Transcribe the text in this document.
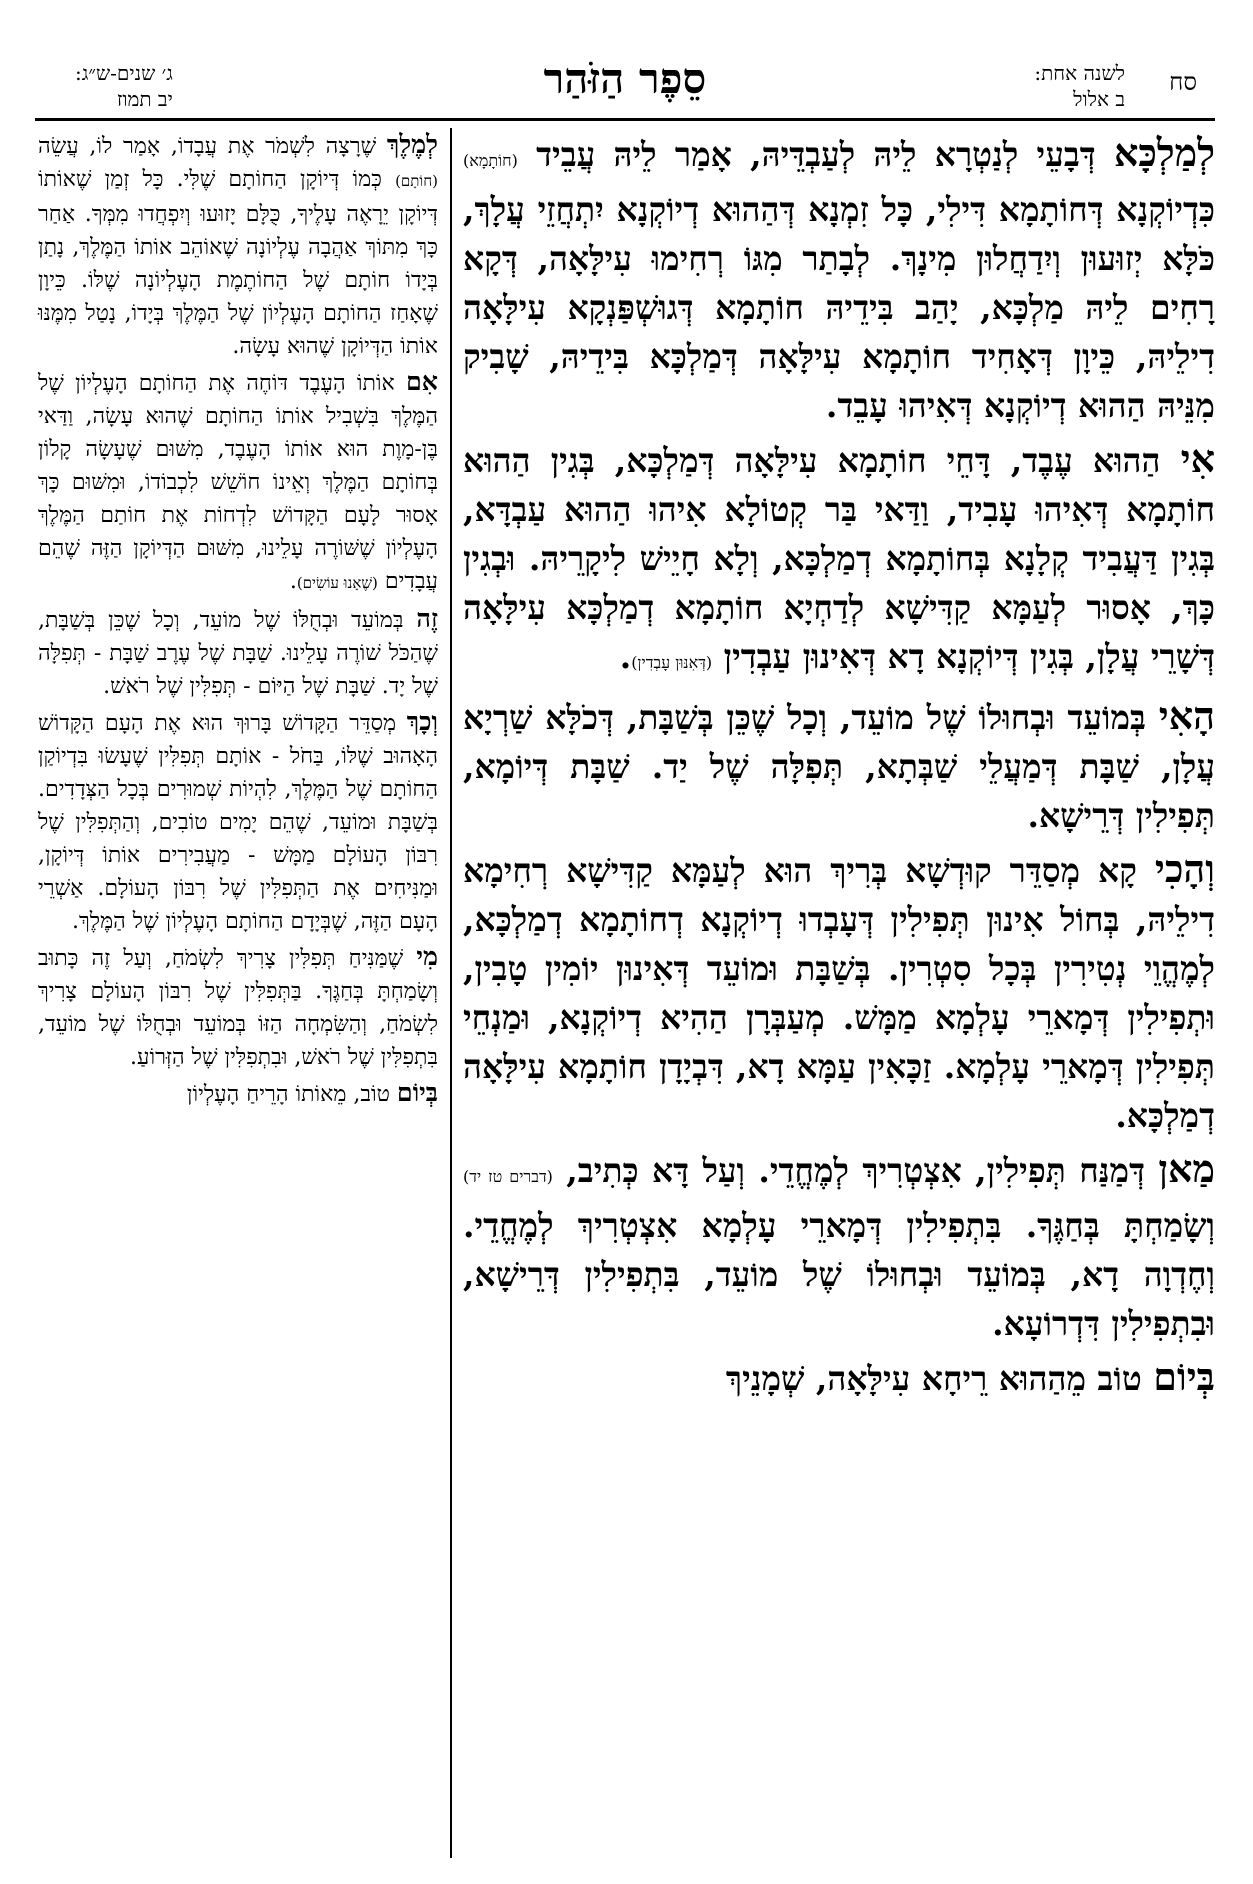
סח
לשנה אחת:
ב אלול
סֵפֶר הַזֹּהַר
ג׳ שנים-ש״ג:
יב תמוז

לְמַלְכָּא דְּבָעֵי לְנַטְרָא לֵיהּ לְעַבְדֵּיהּ, אָמַר לֵיהּ עֲבֵיד (חוֹתָמָא) כִּדְיוֹקְנָא דְּחוֹתָמָא דִּילִי, כָּל זִמְנָא דְּהַהוּא דְיוֹקְנָא יִתְחֲזֵי עֲלָךְ, כֹּלָּא יְזוּעוּן וְיִדַחֲלוּן מִינָךְ. לְבָתַר מִגּוֹ רְחִימוּ עִילָּאָה, דְּקָא רָחִים לֵיהּ מַלְכָּא, יָהַב בִּידֵיהּ חוֹתָמָא דְּגוּשְׁפַּנְקָא עִילָּאָה דִילֵיהּ, כֵּיוָן דְּאָחִיד חוֹתָמָא עִילָּאָה דְּמַלְכָּא בִּידֵיהּ, שָׁבִיק מִנֵּיהּ הַהוּא דְיוֹקְנָא דְּאִיהוּ עָבֵד.

אִי הַהוּא עֶבֶד, דָּחֵי חוֹתָמָא עִילָּאָה דְּמַלְכָּא, בְּגִין הַהוּא חוֹתָמָא דְּאִיהוּ עָבִיד, וַדַּאי בַּר קְטוֹלָא אִיהוּ הַהוּא עַבְדָּא, בְּגִין דַּעֲבִיד קְלָנָא בְּחוֹתָמָא דְמַלְכָּא, וְלָא חָיֵישׁ לִיקָרֵיהּ. וּבְגִין כָּךְ, אָסוּר לְעַמָּא קַדִּישָׁא לְדַחְיָא חוֹתָמָא דְמַלְכָּא עִילָּאָה דְּשָׁרֵי עֲלָן, בְּגִין דְּיוֹקְנָא דָא דְּאִינוּן עַבְדִין (דְּאִנּוּן עָבְדִין).

הָאִי בְּמוֹעֵד וּבְחוּלוֹ שֶׁל מוֹעֵד, וְכָל שֶׁכֵּן בְּשַׁבָּת, דְּכֹלָּא שַׁרְיָא עֲלָן, שַׁבָּת דְּמַעֲלֵי שַׁבְּתָא, תְּפִלָּה שֶׁל יַד. שַׁבָּת דְּיוֹמָא, תְּפִילִין דְּרֵישָׁא.

וְהָכִי קָא מְסַדֵּר קוּדְשָׁא בְּרִיךְ הוּא לְעַמָּא קַדִּישָׁא רְחִימָא דִילֵיהּ, בְּחוֹל אִינוּן תְּפִילִין דְּעָבְדוּ דְיוֹקְנָא דְחוֹתָמָא דְמַלְכָּא, לְמֶהֱוֵי נְטִירִין בְּכָל סִטְרִין. בְּשַׁבָּת וּמוֹעֵד דְּאִינוּן יוֹמִין טָבִין, וּתְפִילִין דְּמָארֵי עָלְמָא מַמָּשׁ. מְעַבְּרָן הַהִיא דְיוֹקְנָא, וּמַנְחֵי תְּפִילִין דְּמָארֵי עָלְמָא. זַכָּאִין עַמָּא דָא, דִּבְיָדָן חוֹתָמָא עִילָּאָה דְמַלְכָּא.

מַאן דְּמַנַּח תְּפִילִין, אִצְטְרִיךְ לְמֶחֱדֵי. וְעַל דָּא כְּתִיב, (דברים טז יד) וְשָׂמַחְתָּ בְּחַגֶּךָ. בִּתְפִילִין דְּמָארֵי עָלְמָא אִצְטְרִיךְ לְמֶחֱדֵי. וְחֶדְוָה דָא, בְּמוֹעֵד וּבְחוּלוֹ שֶׁל מוֹעֵד, בִּתְפִילִין דְּרֵישָׁא, וּבִתְפִילִין דִּדְרוֹעָא.

בְּיוֹם טוֹב מֵהַהוּא רֵיחָא עִילָּאָה, שְׁמָנֵיךְ

לְמֶלֶךְ שֶׁרָצָה לִשְׁמֹר אֶת עֲבָדוֹ, אָמַר לוֹ, עֲשֵׂה (חוֹתָם) כְּמוֹ דְּיוֹקָן הַחוֹתָם שֶׁלִּי. כָּל זְמַן שֶׁאוֹתוֹ דְּיוֹקָן יֵרָאֶה עָלֶיךָ, כֻּלָּם יָזוּעוּ וְיִפְחֲדוּ מִמְּךָ. אַחַר כָּךְ מִתּוֹךְ אַהֲבָה עֶלְיוֹנָה שֶׁאוֹהֵב אוֹתוֹ הַמֶּלֶךְ, נָתַן בְּיָדוֹ חוֹתָם שֶׁל הַחוֹתֶמֶת הָעֶלְיוֹנָה שֶׁלּוֹ. כֵּיוָן שֶׁאָחַז הַחוֹתָם הָעֶלְיוֹן שֶׁל הַמֶּלֶךְ בְּיָדוֹ, נָטַל מִמֶּנּוּ אוֹתוֹ הַדְּיוֹקָן שֶׁהוּא עָשָׂה.

אִם אוֹתוֹ הָעֶבֶד דּוֹחֶה אֶת הַחוֹתָם הָעֶלְיוֹן שֶׁל הַמֶּלֶךְ בִּשְׁבִיל אוֹתוֹ הַחוֹתָם שֶׁהוּא עָשָׂה, וַדַּאי בֶּן-מָוֶת הוּא אוֹתוֹ הָעֶבֶד, מִשּׁוּם שֶׁעָשָׂה קָלוֹן בְּחוֹתָם הַמֶּלֶךְ וְאֵינוֹ חוֹשֵׁשׁ לִכְבוֹדוֹ, וּמִשּׁוּם כָּךְ אָסוּר לָעָם הַקָּדוֹשׁ לִדְחוֹת אֶת חוֹתַם הַמֶּלֶךְ הָעֶלְיוֹן שֶׁשּׁוֹרֶה עָלֵינוּ, מִשּׁוּם הַדְּיוֹקָן הַזֶּה שֶׁהֵם עֲבָדִים (שֶׁאָנוּ עוֹשִׂים).

זֶה בְּמוֹעֵד וּבְחֻלּוֹ שֶׁל מוֹעֵד, וְכָל שֶׁכֵּן בְּשַׁבָּת, שֶׁהַכֹּל שׁוֹרֶה עָלֵינוּ. שַׁבָּת שֶׁל עֶרֶב שַׁבָּת - תְּפִלָּה שֶׁל יָד. שַׁבָּת שֶׁל הַיּוֹם - תְּפִלִּין שֶׁל רֹאשׁ.

וְכָךְ מְסַדֵּר הַקָּדוֹשׁ בָּרוּךְ הוּא אֶת הָעָם הַקָּדוֹשׁ הָאָהוּב שֶׁלּוֹ, בַּחֹל - אוֹתָם תְּפִלִּין שֶׁעָשׂוּ בִּדְיוֹקַן הַחוֹתָם שֶׁל הַמֶּלֶךְ, לִהְיוֹת שְׁמוּרִים בְּכָל הַצְּדָדִים. בְּשַׁבָּת וּמוֹעֵד, שֶׁהֵם יָמִים טוֹבִים, וְהַתְּפִלִּין שֶׁל רִבּוֹן הָעוֹלָם מַמָּשׁ - מַעֲבִירִים אוֹתוֹ דְּיוֹקָן, וּמַנִּיחִים אֶת הַתְּפִלִּין שֶׁל רִבּוֹן הָעוֹלָם. אַשְׁרֵי הָעָם הַזֶּה, שֶׁבְּיָדָם הַחוֹתָם הָעֶלְיוֹן שֶׁל הַמֶּלֶךְ.

מִי שֶׁמַּנִּיחַ תְּפִלִּין צָרִיךְ לִשְׂמֹחַ, וְעַל זֶה כָּתוּב וְשָׂמַחְתָּ בְּחַגֶּךָ. בַּתְּפִלִּין שֶׁל רִבּוֹן הָעוֹלָם צָרִיךְ לִשְׂמֹחַ, וְהַשִּׂמְחָה הַזּוֹ בְּמוֹעֵד וּבְחֻלּוֹ שֶׁל מוֹעֵד, בִּתְפִלִּין שֶׁל רֹאשׁ, וּבִתְפִלִּין שֶׁל הַזְּרוֹעַ.

בְּיוֹם טוֹב, מֵאוֹתוֹ הָרֵיחַ הָעֶלְיוֹן
